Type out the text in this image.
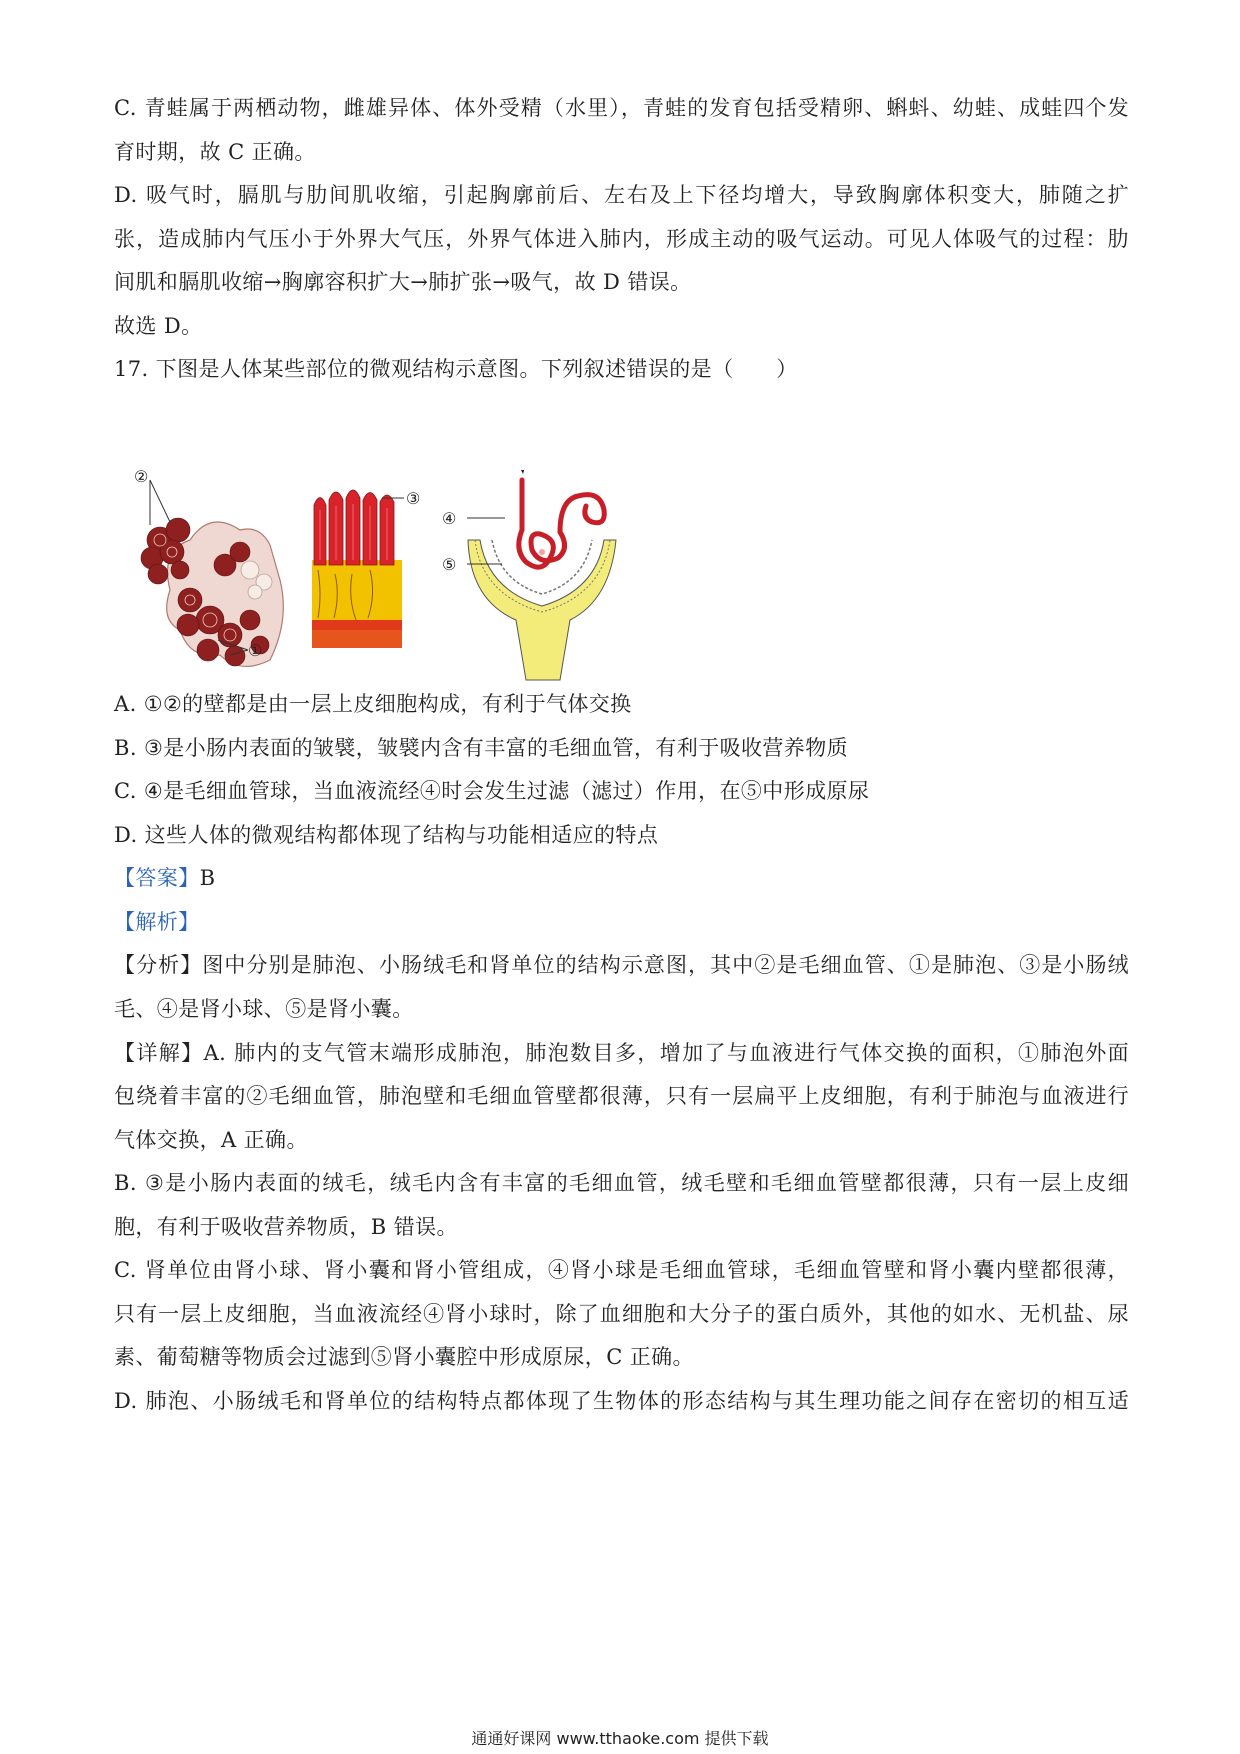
C. 青蛙属于两栖动物，雌雄异体、体外受精（水里），青蛙的发育包括受精卵、蝌蚪、幼蛙、成蛙四个发
育时期，故 C 正确。
D. 吸气时，膈肌与肋间肌收缩，引起胸廓前后、左右及上下径均增大，导致胸廓体积变大，肺随之扩
张，造成肺内气压小于外界大气压，外界气体进入肺内，形成主动的吸气运动。可见人体吸气的过程：肋
间肌和膈肌收缩→胸廓容积扩大→肺扩张→吸气，故 D 错误。
故选 D。
17. 下图是人体某些部位的微观结构示意图。下列叙述错误的是（　　）
②
①
③
④
⑤
A. ①②的壁都是由一层上皮细胞构成，有利于气体交换
B. ③是小肠内表面的皱襞，皱襞内含有丰富的毛细血管，有利于吸收营养物质
C. ④是毛细血管球，当血液流经④时会发生过滤（滤过）作用，在⑤中形成原尿
D. 这些人体的微观结构都体现了结构与功能相适应的特点
【答案】B
【解析】
【分析】图中分别是肺泡、小肠绒毛和肾单位的结构示意图，其中②是毛细血管、①是肺泡、③是小肠绒
毛、④是肾小球、⑤是肾小囊。
【详解】A. 肺内的支气管末端形成肺泡，肺泡数目多，增加了与血液进行气体交换的面积，①肺泡外面
包绕着丰富的②毛细血管，肺泡壁和毛细血管壁都很薄，只有一层扁平上皮细胞，有利于肺泡与血液进行
气体交换，A 正确。
B. ③是小肠内表面的绒毛，绒毛内含有丰富的毛细血管，绒毛壁和毛细血管壁都很薄，只有一层上皮细
胞，有利于吸收营养物质，B 错误。
C. 肾单位由肾小球、肾小囊和肾小管组成，④肾小球是毛细血管球，毛细血管壁和肾小囊内壁都很薄，
只有一层上皮细胞，当血液流经④肾小球时，除了血细胞和大分子的蛋白质外，其他的如水、无机盐、尿
素、葡萄糖等物质会过滤到⑤肾小囊腔中形成原尿，C 正确。
D. 肺泡、小肠绒毛和肾单位的结构特点都体现了生物体的形态结构与其生理功能之间存在密切的相互适
通通好课网 www.tthaoke.com 提供下载
